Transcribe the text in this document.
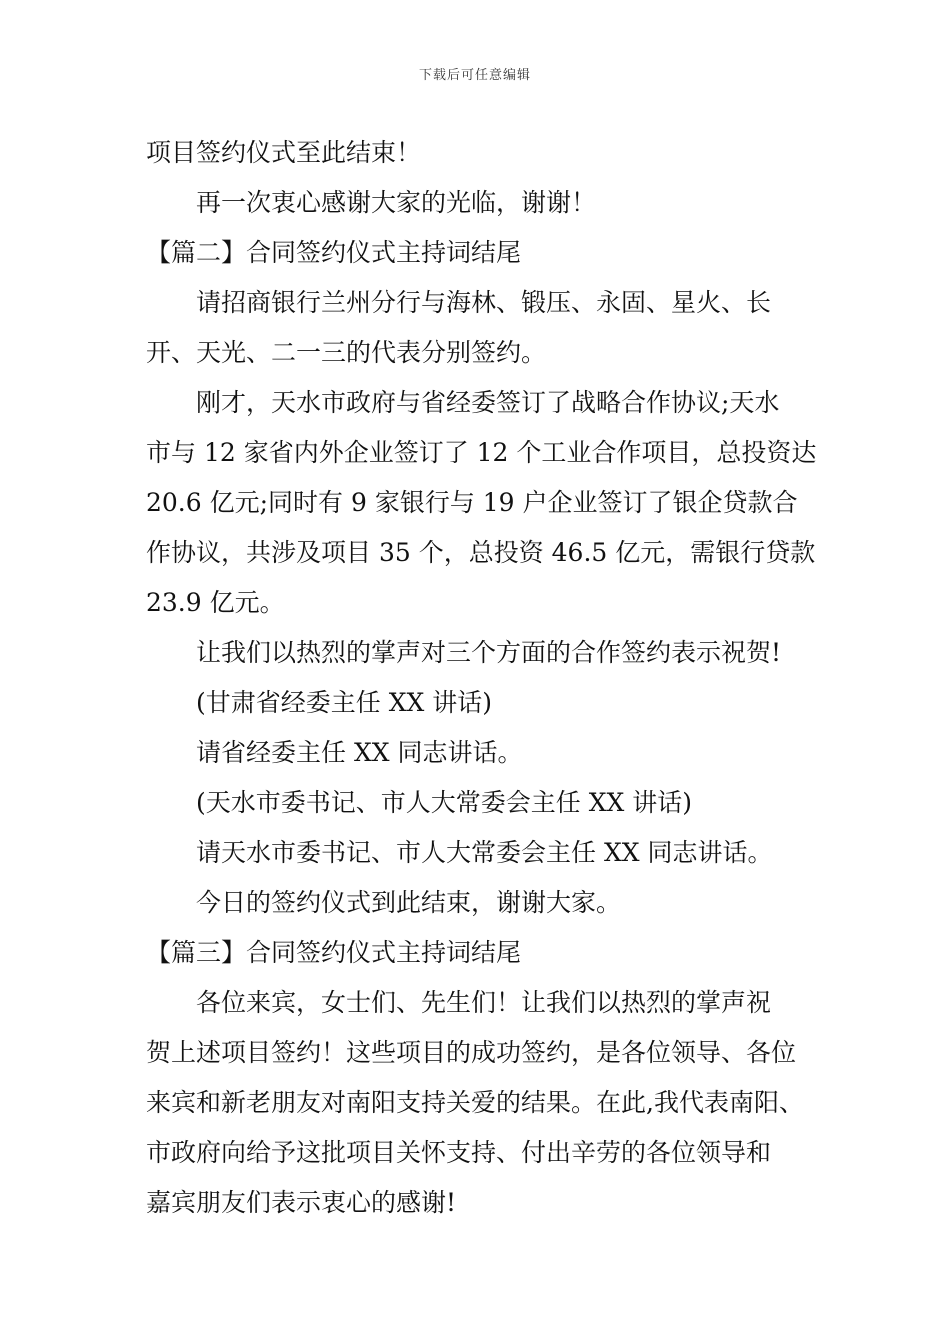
下载后可任意编辑
项目签约仪式至此结束！
再一次衷心感谢大家的光临，谢谢！
【篇二】合同签约仪式主持词结尾
请招商银行兰州分行与海林、锻压、永固、星火、长
开、天光、二一三的代表分别签约。
刚才，天水市政府与省经委签订了战略合作协议;天水
市与 12 家省内外企业签订了 12 个工业合作项目，总投资达
20.6 亿元;同时有 9 家银行与 19 户企业签订了银企贷款合
作协议，共涉及项目 35 个，总投资 46.5 亿元，需银行贷款
23.9 亿元。
让我们以热烈的掌声对三个方面的合作签约表示祝贺!
(甘肃省经委主任 XX 讲话)
请省经委主任 XX 同志讲话。
(天水市委书记、市人大常委会主任 XX 讲话)
请天水市委书记、市人大常委会主任 XX 同志讲话。
今日的签约仪式到此结束，谢谢大家。
【篇三】合同签约仪式主持词结尾
各位来宾，女士们、先生们！让我们以热烈的掌声祝
贺上述项目签约！这些项目的成功签约，是各位领导、各位
来宾和新老朋友对南阳支持关爱的结果。在此,我代表南阳、
市政府向给予这批项目关怀支持、付出辛劳的各位领导和
嘉宾朋友们表示衷心的感谢!
